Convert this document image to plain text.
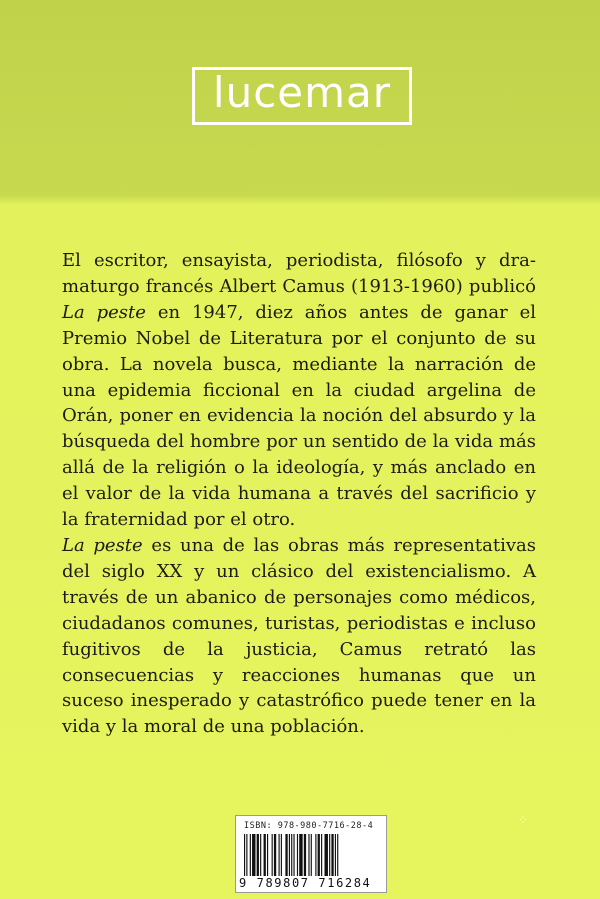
lucemar

El escritor, ensayista, periodista, filósofo y dramaturgo francés Albert Camus (1913-1960) publicó La peste en 1947, diez años antes de ganar el Premio Nobel de Literatura por el conjunto de su obra. La novela busca, mediante la narración de una epidemia ficcional en la ciudad argelina de Orán, poner en evidencia la noción del absurdo y la búsqueda del hombre por un sentido de la vida más allá de la religión o la ideología, y más anclado en el valor de la vida humana a través del sacrificio y la fraternidad por el otro.

La peste es una de las obras más representativas del siglo XX y un clásico del existencialismo. A través de un abanico de personajes como médicos, ciudadanos comunes, turistas, periodistas e incluso fugitivos de la justicia, Camus retrató las consecuencias y reacciones humanas que un suceso inesperado y catastrófico puede tener en la vida y la moral de una población.

⁘
ISBN: 978-980-7716-28-4
9 789807 716284
